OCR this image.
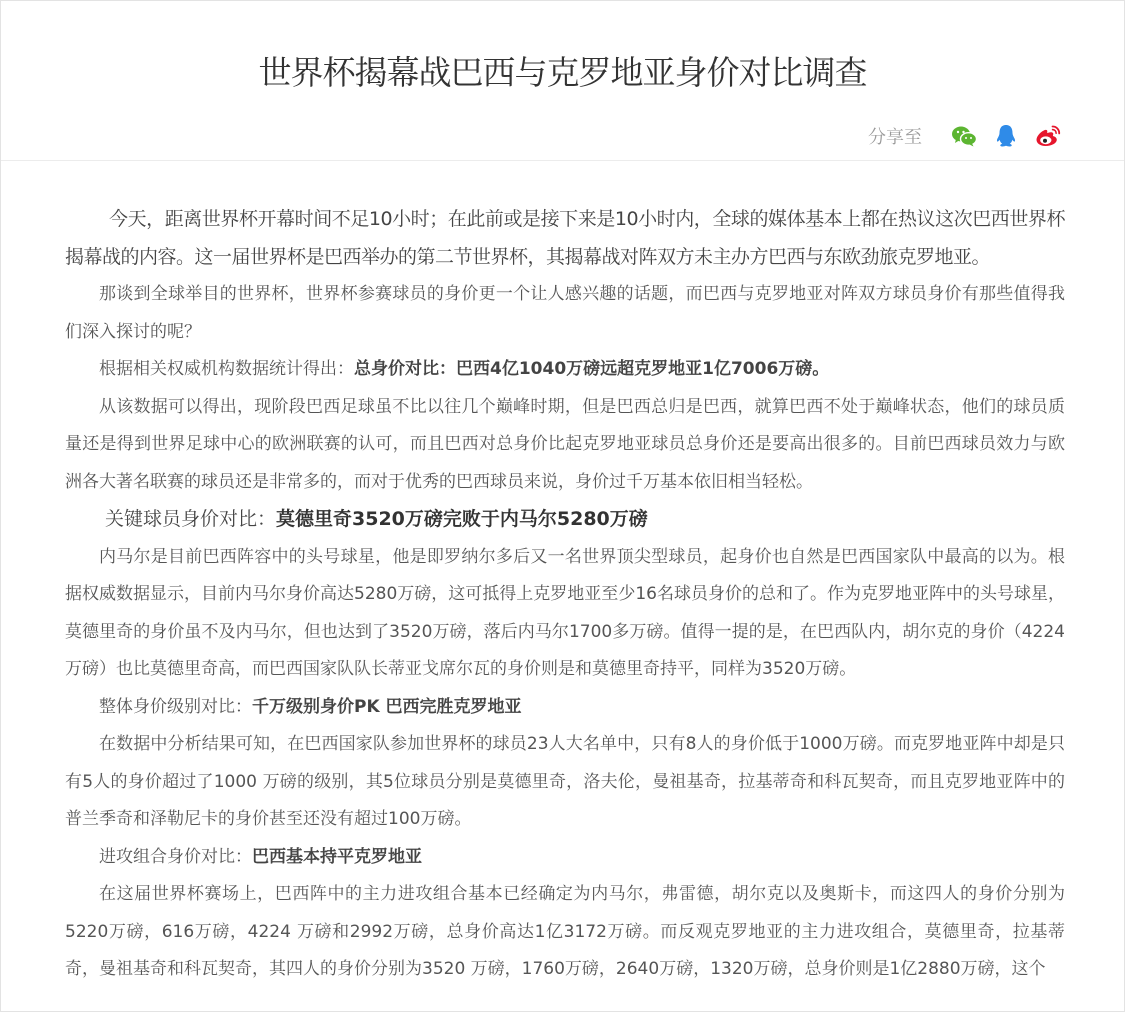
世界杯揭幕战巴西与克罗地亚身价对比调查
分享至

今天，距离世界杯开幕时间不足10小时；在此前或是接下来是10小时内，全球的媒体基本上都在热议这次巴西世界杯揭幕战的内容。这一届世界杯是巴西举办的第二节世界杯，其揭幕战对阵双方未主办方巴西与东欧劲旅克罗地亚。

那谈到全球举目的世界杯，世界杯参赛球员的身价更一个让人感兴趣的话题，而巴西与克罗地亚对阵双方球员身价有那些值得我们深入探讨的呢？

根据相关权威机构数据统计得出：总身价对比：巴西4亿1040万磅远超克罗地亚1亿7006万磅。

从该数据可以得出，现阶段巴西足球虽不比以往几个巅峰时期，但是巴西总归是巴西，就算巴西不处于巅峰状态，他们的球员质量还是得到世界足球中心的欧洲联赛的认可，而且巴西对总身价比起克罗地亚球员总身价还是要高出很多的。目前巴西球员效力与欧洲各大著名联赛的球员还是非常多的，而对于优秀的巴西球员来说，身价过千万基本依旧相当轻松。

关键球员身价对比：莫德里奇3520万磅完败于内马尔5280万磅

内马尔是目前巴西阵容中的头号球星，他是即罗纳尔多后又一名世界顶尖型球员，起身价也自然是巴西国家队中最高的以为。根据权威数据显示，目前内马尔身价高达5280万磅，这可抵得上克罗地亚至少16名球员身价的总和了。作为克罗地亚阵中的头号球星，莫德里奇的身价虽不及内马尔，但也达到了3520万磅，落后内马尔1700多万磅。值得一提的是，在巴西队内，胡尔克的身价（4224万磅）也比莫德里奇高，而巴西国家队队长蒂亚戈席尔瓦的身价则是和莫德里奇持平，同样为3520万磅。

整体身价级别对比：千万级别身价PK 巴西完胜克罗地亚

在数据中分析结果可知，在巴西国家队参加世界杯的球员23人大名单中，只有8人的身价低于1000万磅。而克罗地亚阵中却是只有5人的身价超过了1000 万磅的级别，其5位球员分别是莫德里奇，洛夫伦，曼祖基奇，拉基蒂奇和科瓦契奇，而且克罗地亚阵中的普兰季奇和泽勒尼卡的身价甚至还没有超过100万磅。

进攻组合身价对比：巴西基本持平克罗地亚

在这届世界杯赛场上，巴西阵中的主力进攻组合基本已经确定为内马尔，弗雷德，胡尔克以及奥斯卡，而这四人的身价分别为5220万磅，616万磅，4224 万磅和2992万磅，总身价高达1亿3172万磅。而反观克罗地亚的主力进攻组合，莫德里奇，拉基蒂奇，曼祖基奇和科瓦契奇，其四人的身价分别为3520 万磅，1760万磅，2640万磅，1320万磅，总身价则是1亿2880万磅，这个
